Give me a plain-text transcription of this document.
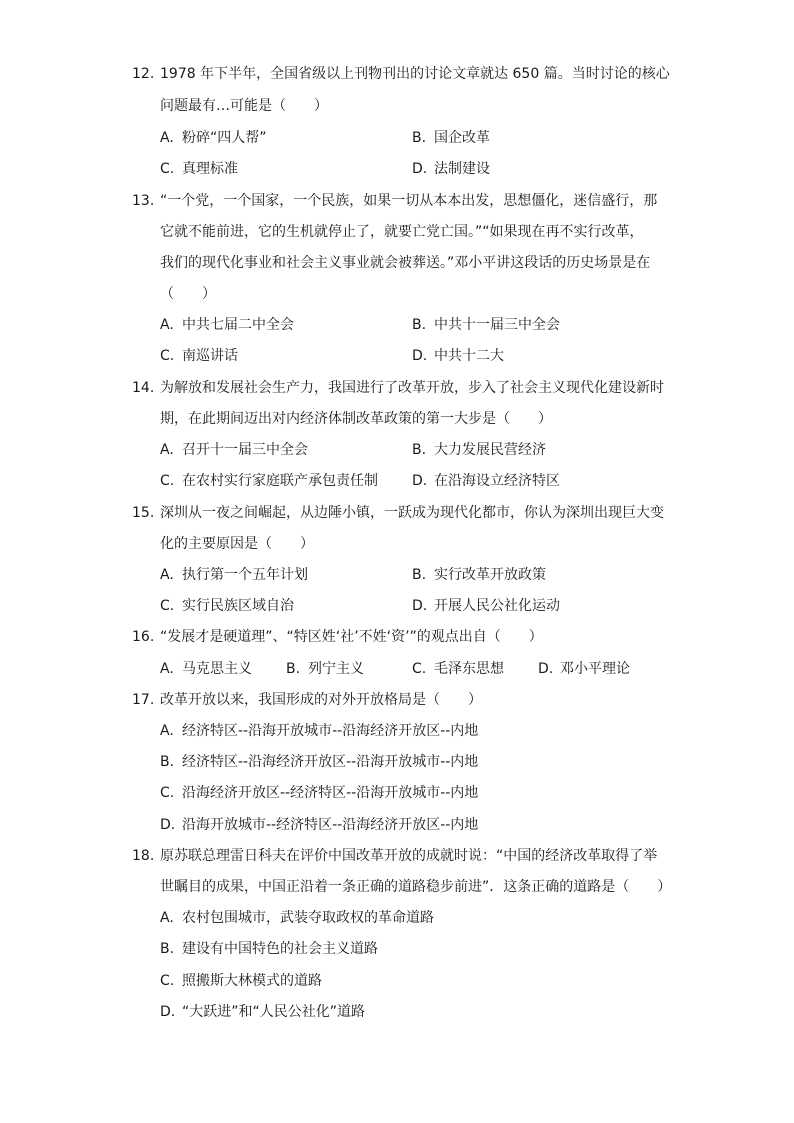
12. 1978 年下半年，全国省级以上刊物刊出的讨论文章就达 650 篇。当时讨论的核心
问题最有…可能是（　　）
A. 粉碎“四人帮”	B. 国企改革
C. 真理标准	D. 法制建设
13. “一个党，一个国家，一个民族，如果一切从本本出发，思想僵化，迷信盛行，那
它就不能前进，它的生机就停止了，就要亡党亡国。”“如果现在再不实行改革，
我们的现代化事业和社会主义事业就会被葬送。”邓小平讲这段话的历史场景是在
（　　）
A. 中共七届二中全会	B. 中共十一届三中全会
C. 南巡讲话	D. 中共十二大
14. 为解放和发展社会生产力，我国进行了改革开放，步入了社会主义现代化建设新时
期，在此期间迈出对内经济体制改革政策的第一大步是（　　）
A. 召开十一届三中全会	B. 大力发展民营经济
C. 在农村实行家庭联产承包责任制 D. 在沿海设立经济特区
15. 深圳从一夜之间崛起，从边陲小镇，一跃成为现代化都市，你认为深圳出现巨大变
化的主要原因是（　　）
A. 执行第一个五年计划	B. 实行改革开放政策
C. 实行民族区域自治	D. 开展人民公社化运动
16. “发展才是硬道理”、“特区姓‘社’不姓‘资’”的观点出自（　　）
A. 马克思主义 B. 列宁主义	C. 毛泽东思想 D. 邓小平理论
17. 改革开放以来，我国形成的对外开放格局是（　　）
A. 经济特区--沿海开放城市--沿海经济开放区--内地
B. 经济特区--沿海经济开放区--沿海开放城市--内地
C. 沿海经济开放区--经济特区--沿海开放城市--内地
D. 沿海开放城市--经济特区--沿海经济开放区--内地
18. 原苏联总理雷日科夫在评价中国改革开放的成就时说：“中国的经济改革取得了举
世瞩目的成果，中国正沿着一条正确的道路稳步前进”．这条正确的道路是（　　）
A. 农村包围城市，武装夺取政权的革命道路
B. 建设有中国特色的社会主义道路
C. 照搬斯大林模式的道路
D. “大跃进”和“人民公社化”道路
